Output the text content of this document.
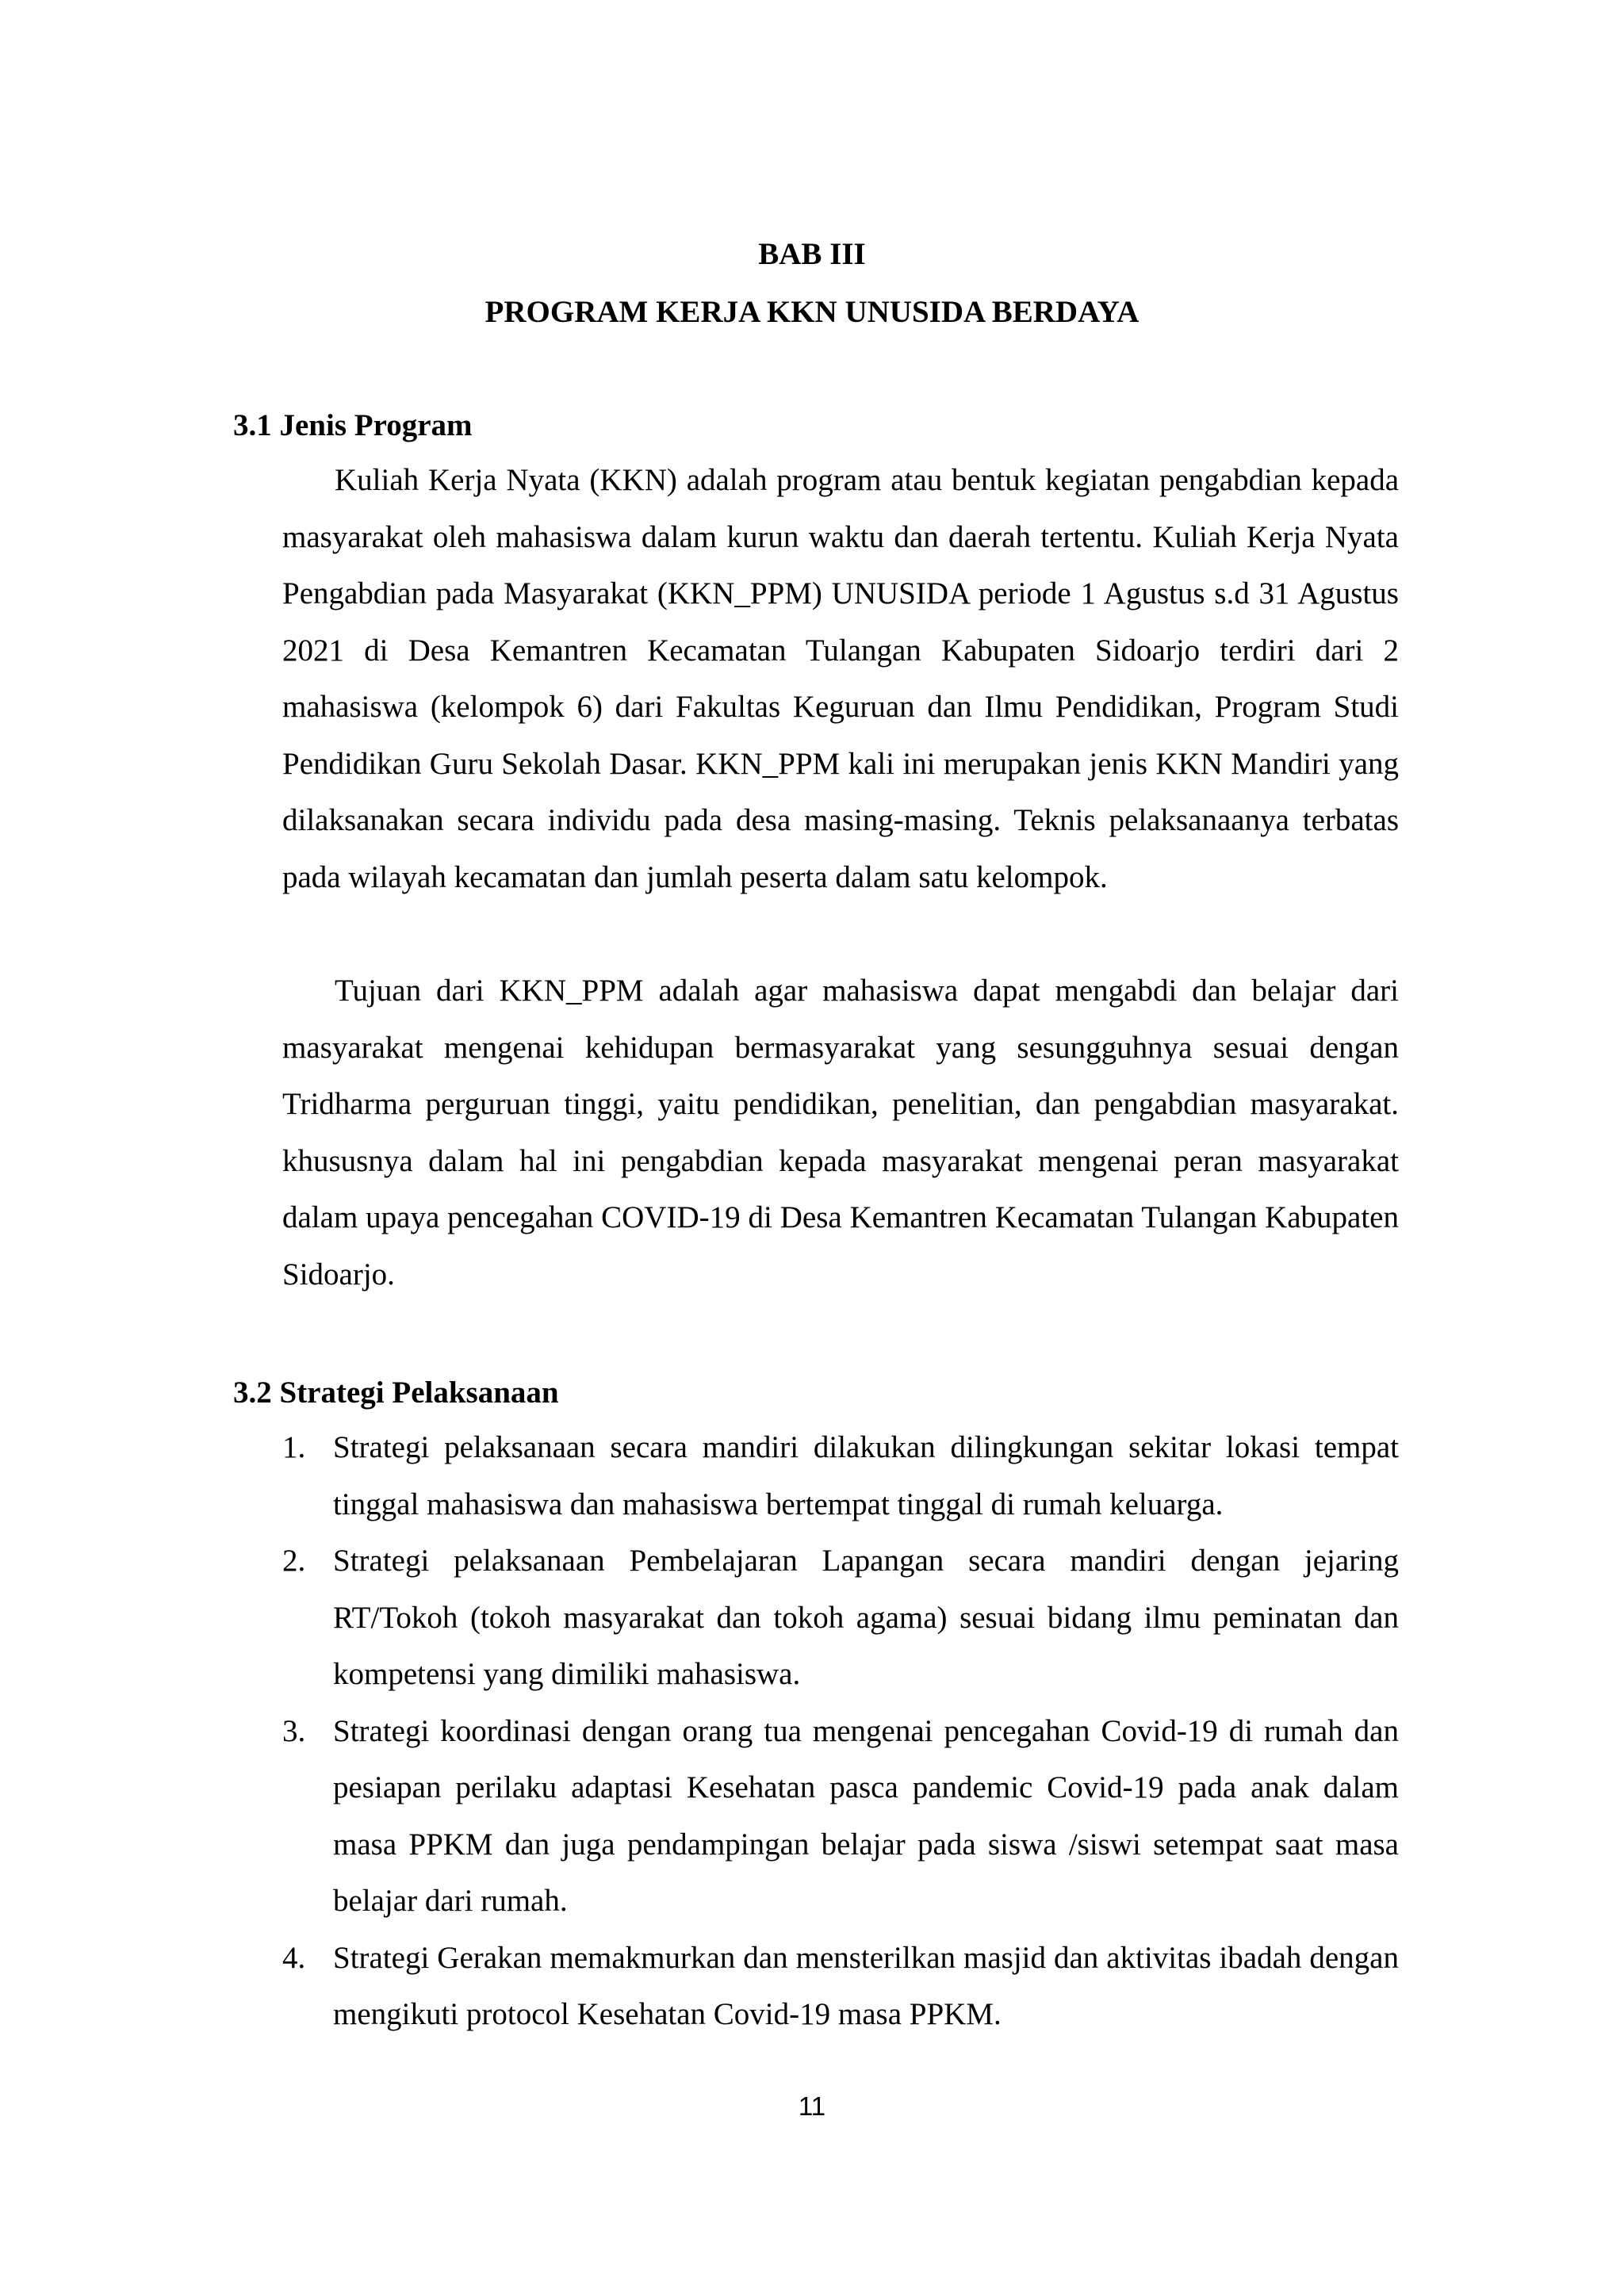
BAB III
PROGRAM KERJA KKN UNUSIDA BERDAYA
3.1 Jenis Program

Kuliah Kerja Nyata (KKN) adalah program atau bentuk kegiatan pengabdian kepada masyarakat oleh mahasiswa dalam kurun waktu dan daerah tertentu. Kuliah Kerja Nyata Pengabdian pada Masyarakat (KKN_PPM) UNUSIDA periode 1 Agustus s.d 31 Agustus 2021 di Desa Kemantren Kecamatan Tulangan Kabupaten Sidoarjo terdiri dari 2 mahasiswa (kelompok 6) dari Fakultas Keguruan dan Ilmu Pendidikan, Program Studi Pendidikan Guru Sekolah Dasar. KKN_PPM kali ini merupakan jenis KKN Mandiri yang dilaksanakan secara individu pada desa masing-masing. Teknis pelaksanaanya terbatas pada wilayah kecamatan dan jumlah peserta dalam satu kelompok.

Tujuan dari KKN_PPM adalah agar mahasiswa dapat mengabdi dan belajar dari masyarakat mengenai kehidupan bermasyarakat yang sesungguhnya sesuai dengan Tridharma perguruan tinggi, yaitu pendidikan, penelitian, dan pengabdian masyarakat. khususnya dalam hal ini pengabdian kepada masyarakat mengenai peran masyarakat dalam upaya pencegahan COVID-19 di Desa Kemantren Kecamatan Tulangan Kabupaten Sidoarjo.

3.2 Strategi Pelaksanaan
1. Strategi pelaksanaan secara mandiri dilakukan dilingkungan sekitar lokasi tempat tinggal mahasiswa dan mahasiswa bertempat tinggal di rumah keluarga.
2. Strategi pelaksanaan Pembelajaran Lapangan secara mandiri dengan jejaring RT/Tokoh (tokoh masyarakat dan tokoh agama) sesuai bidang ilmu peminatan dan kompetensi yang dimiliki mahasiswa.
3. Strategi koordinasi dengan orang tua mengenai pencegahan Covid-19 di rumah dan pesiapan perilaku adaptasi Kesehatan pasca pandemic Covid-19 pada anak dalam masa PPKM dan juga pendampingan belajar pada siswa /siswi setempat saat masa belajar dari rumah.
4. Strategi Gerakan memakmurkan dan mensterilkan masjid dan aktivitas ibadah dengan mengikuti protocol Kesehatan Covid-19 masa PPKM.
11
